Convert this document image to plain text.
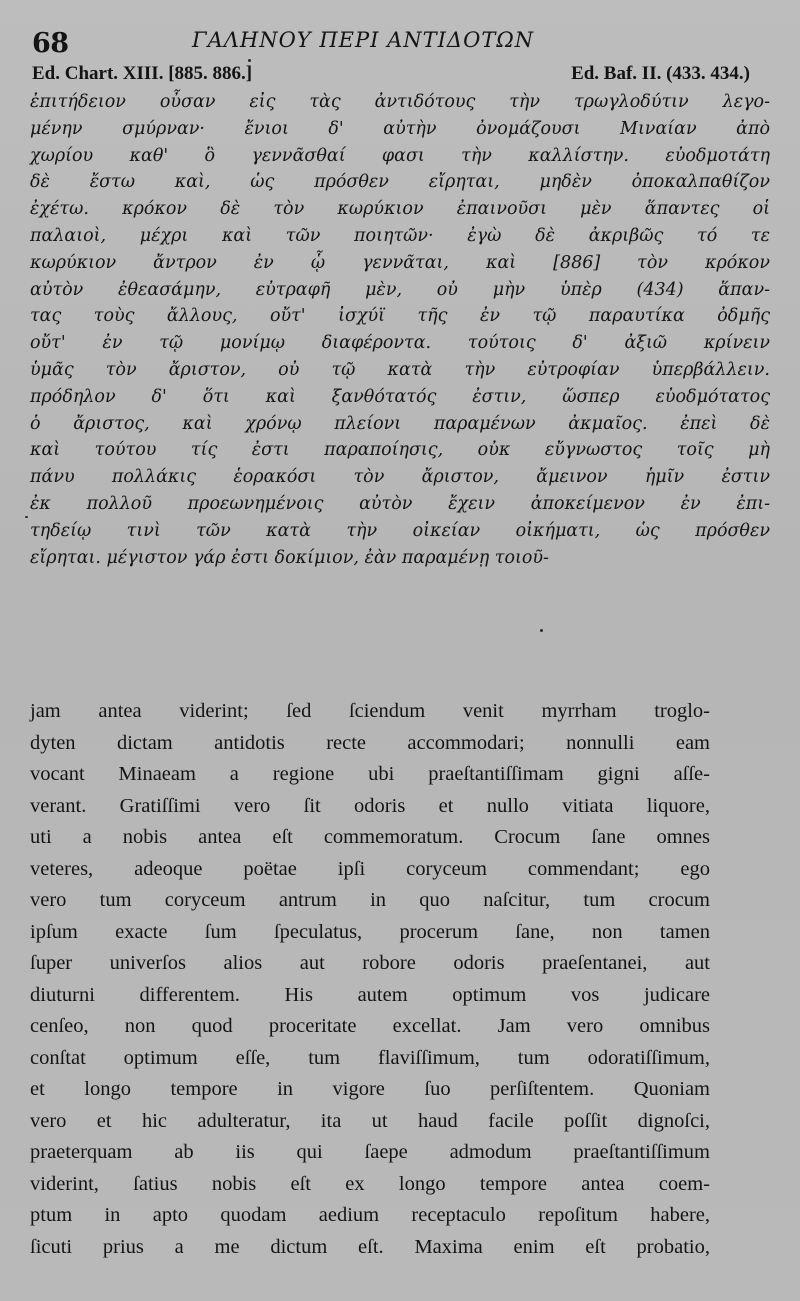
68	ΓΑΛΗΝΟΥ ΠΕΡΙ ΑΝΤΙΔΟΤΩΝ
Ed. Chart. XIII. [885. 886.]	Ed. Baf. II. (433. 434.)
ἐπιτήδειον οὖσαν εἰς τὰς ἀντιδότους τὴν τρωγλοδύτιν λεγο-
μένην σμύρναν· ἔνιοι δ' αὐτὴν ὀνομάζουσι Μιναίαν ἀπὸ
χωρίου καθ' ὃ γεννᾶσθαί φασι τὴν καλλίστην. εὐοδμοτάτη
δὲ ἔστω καὶ, ὡς πρόσθεν εἴρηται, μηδὲν ὀποκαλπαθίζον
ἐχέτω. κρόκον δὲ τὸν κωρύκιον ἐπαινοῦσι μὲν ἅπαντες οἱ
παλαιοὶ, μέχρι καὶ τῶν ποιητῶν· ἐγὼ δὲ ἀκριβῶς τό τε
κωρύκιον ἄντρον ἐν ᾧ γεννᾶται, καὶ [886] τὸν κρόκον
αὐτὸν ἐθεασάμην, εὐτραφῆ μὲν, οὐ μὴν ὑπὲρ (434) ἅπαν-
τας τοὺς ἄλλους, οὔτ' ἰσχύϊ τῆς ἐν τῷ παραυτίκα ὀδμῆς
οὔτ' ἐν τῷ μονίμῳ διαφέροντα. τούτοις δ' ἀξιῶ κρίνειν
ὑμᾶς τὸν ἄριστον, οὐ τῷ κατὰ τὴν εὐτροφίαν ὑπερβάλλειν.
πρόδηλον δ' ὅτι καὶ ξανθότατός ἐστιν, ὥσπερ εὐοδμότατος
ὁ ἄριστος, καὶ χρόνῳ πλείονι παραμένων ἀκμαῖος. ἐπεὶ δὲ
καὶ τούτου τίς ἐστι παραποίησις, οὐκ εὔγνωστος τοῖς μὴ
πάνυ πολλάκις ἑορακόσι τὸν ἄριστον, ἄμεινον ἡμῖν ἐστιν
ἐκ πολλοῦ προεωνημένοις αὐτὸν ἔχειν ἀποκείμενον ἐν ἐπι-
τηδείῳ τινὶ τῶν κατὰ τὴν οἰκείαν οἰκήματι, ὡς πρόσθεν
εἴρηται. μέγιστον γάρ ἐστι δοκίμιον, ἐὰν παραμένῃ τοιοῦ-
jam antea viderint; ſed ſciendum venit myrrham troglo-
dyten dictam antidotis recte accommodari; nonnulli eam
vocant Minaeam a regione ubi praeſtantiſſimam gigni aſſe-
verant. Gratiſſimi vero ſit odoris et nullo vitiata liquore,
uti a nobis antea eſt commemoratum. Crocum ſane omnes
veteres, adeoque poëtae ipſi coryceum commendant; ego
vero tum coryceum antrum in quo naſcitur, tum crocum
ipſum exacte ſum ſpeculatus, procerum ſane, non tamen
ſuper univerſos alios aut robore odoris praeſentanei, aut
diuturni differentem. His autem optimum vos judicare
cenſeo, non quod proceritate excellat. Jam vero omnibus
conſtat optimum eſſe, tum flaviſſimum, tum odoratiſſimum,
et longo tempore in vigore ſuo perſiſtentem. Quoniam
vero et hic adulteratur, ita ut haud facile poſſit dignoſci,
praeterquam ab iis qui ſaepe admodum praeſtantiſſimum
viderint, ſatius nobis eſt ex longo tempore antea coem-
ptum in apto quodam aedium receptaculo repoſitum habere,
ſicuti prius a me dictum eſt. Maxima enim eſt probatio,
